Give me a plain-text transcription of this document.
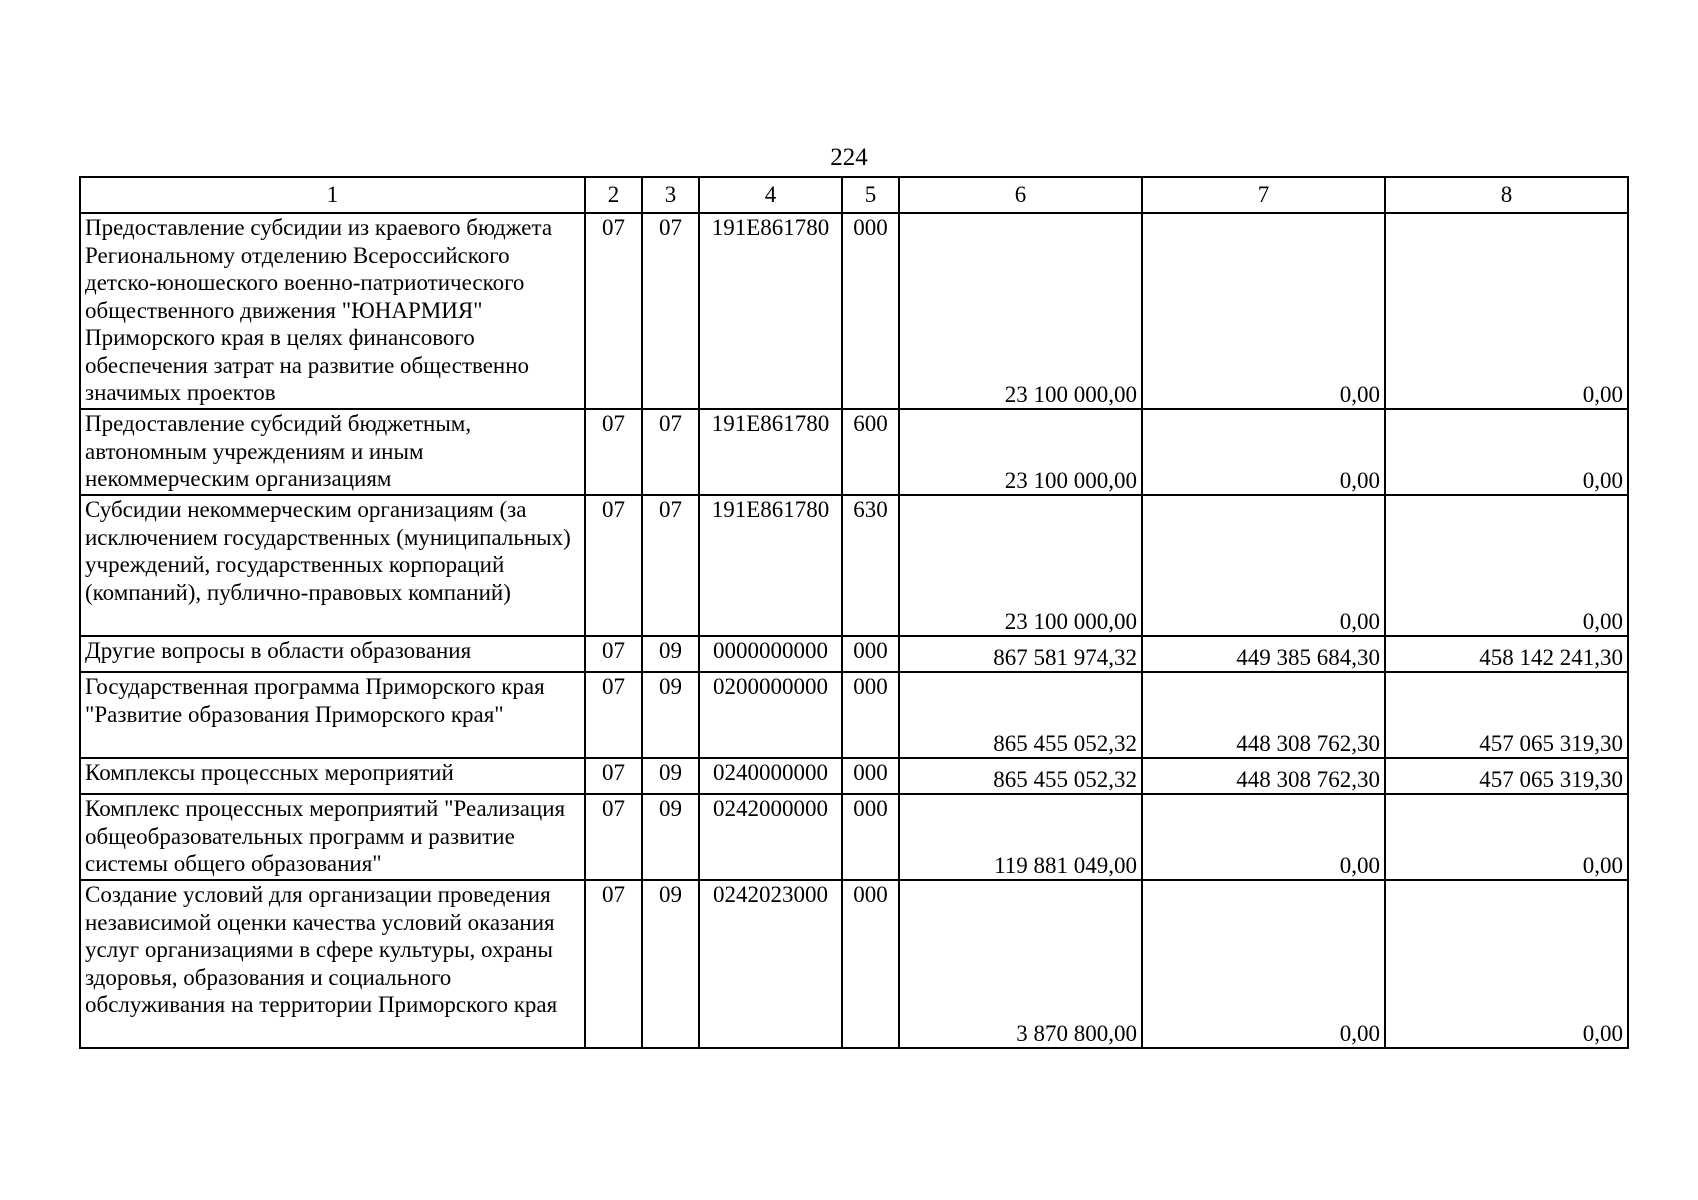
224
1	2	3	4	5	6	7	8
Предоставление субсидии из краевого бюджета Региональному отделению Всероссийского детско-юношеского военно-патриотического общественного движения "ЮНАРМИЯ" Приморского края в целях финансового обеспечения затрат на развитие общественно значимых проектов	07	07	191E861780	000	23 100 000,00	0,00	0,00
Предоставление субсидий бюджетным, автономным учреждениям и иным некоммерческим организациям	07	07	191E861780	600	23 100 000,00	0,00	0,00
Субсидии некоммерческим организациям (за исключением государственных (муниципальных) учреждений, государственных корпораций (компаний), публично-правовых компаний)	07	07	191E861780	630	23 100 000,00	0,00	0,00
Другие вопросы в области образования	07	09	0000000000	000	867 581 974,32	449 385 684,30	458 142 241,30
Государственная программа Приморского края "Развитие образования Приморского края"	07	09	0200000000	000	865 455 052,32	448 308 762,30	457 065 319,30
Комплексы процессных мероприятий	07	09	0240000000	000	865 455 052,32	448 308 762,30	457 065 319,30
Комплекс процессных мероприятий "Реализация общеобразовательных программ и развитие системы общего образования"	07	09	0242000000	000	119 881 049,00	0,00	0,00
Создание условий для организации проведения независимой оценки качества условий оказания услуг организациями в сфере культуры, охраны здоровья, образования и социального обслуживания на территории Приморского края	07	09	0242023000	000	3 870 800,00	0,00	0,00
